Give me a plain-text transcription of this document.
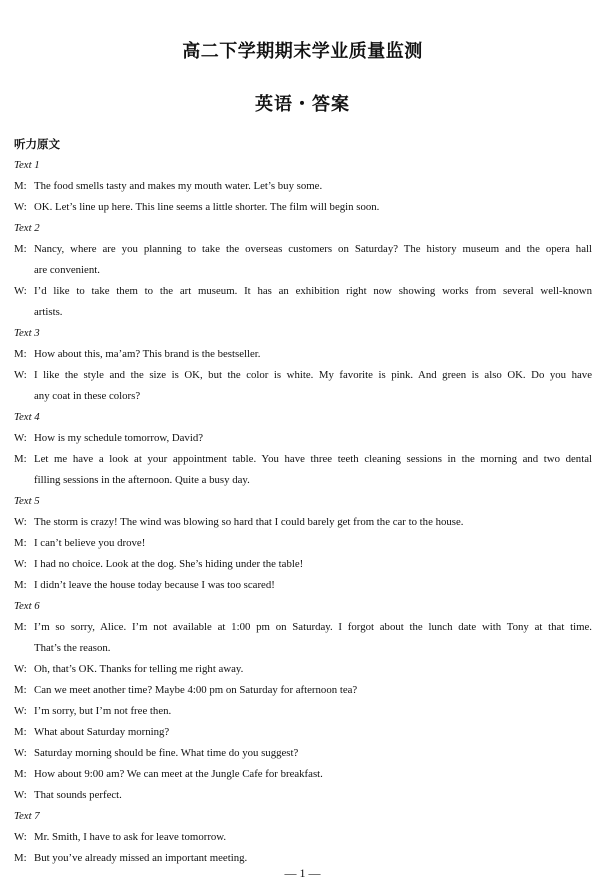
高二下学期期末学业质量监测
英语・答案
听力原文
Text 1
M: The food smells tasty and makes my mouth water. Let’s buy some.
W: OK. Let’s line up here. This line seems a little shorter. The film will begin soon.
Text 2
M: Nancy, where are you planning to take the overseas customers on Saturday? The history museum and the opera hall
are convenient.
W: I’d like to take them to the art museum. It has an exhibition right now showing works from several well-known
artists.
Text 3
M: How about this, ma’am? This brand is the bestseller.
W: I like the style and the size is OK, but the color is white. My favorite is pink. And green is also OK. Do you have
any coat in these colors?
Text 4
W: How is my schedule tomorrow, David?
M: Let me have a look at your appointment table. You have three teeth cleaning sessions in the morning and two dental
filling sessions in the afternoon. Quite a busy day.
Text 5
W: The storm is crazy! The wind was blowing so hard that I could barely get from the car to the house.
M: I can’t believe you drove!
W: I had no choice. Look at the dog. She’s hiding under the table!
M: I didn’t leave the house today because I was too scared!
Text 6
M: I’m so sorry, Alice. I’m not available at 1:00 pm on Saturday. I forgot about the lunch date with Tony at that time.
That’s the reason.
W: Oh, that’s OK. Thanks for telling me right away.
M: Can we meet another time? Maybe 4:00 pm on Saturday for afternoon tea?
W: I’m sorry, but I’m not free then.
M: What about Saturday morning?
W: Saturday morning should be fine. What time do you suggest?
M: How about 9:00 am? We can meet at the Jungle Cafe for breakfast.
W: That sounds perfect.
Text 7
W: Mr. Smith, I have to ask for leave tomorrow.
M: But you’ve already missed an important meeting.
— 1 —
